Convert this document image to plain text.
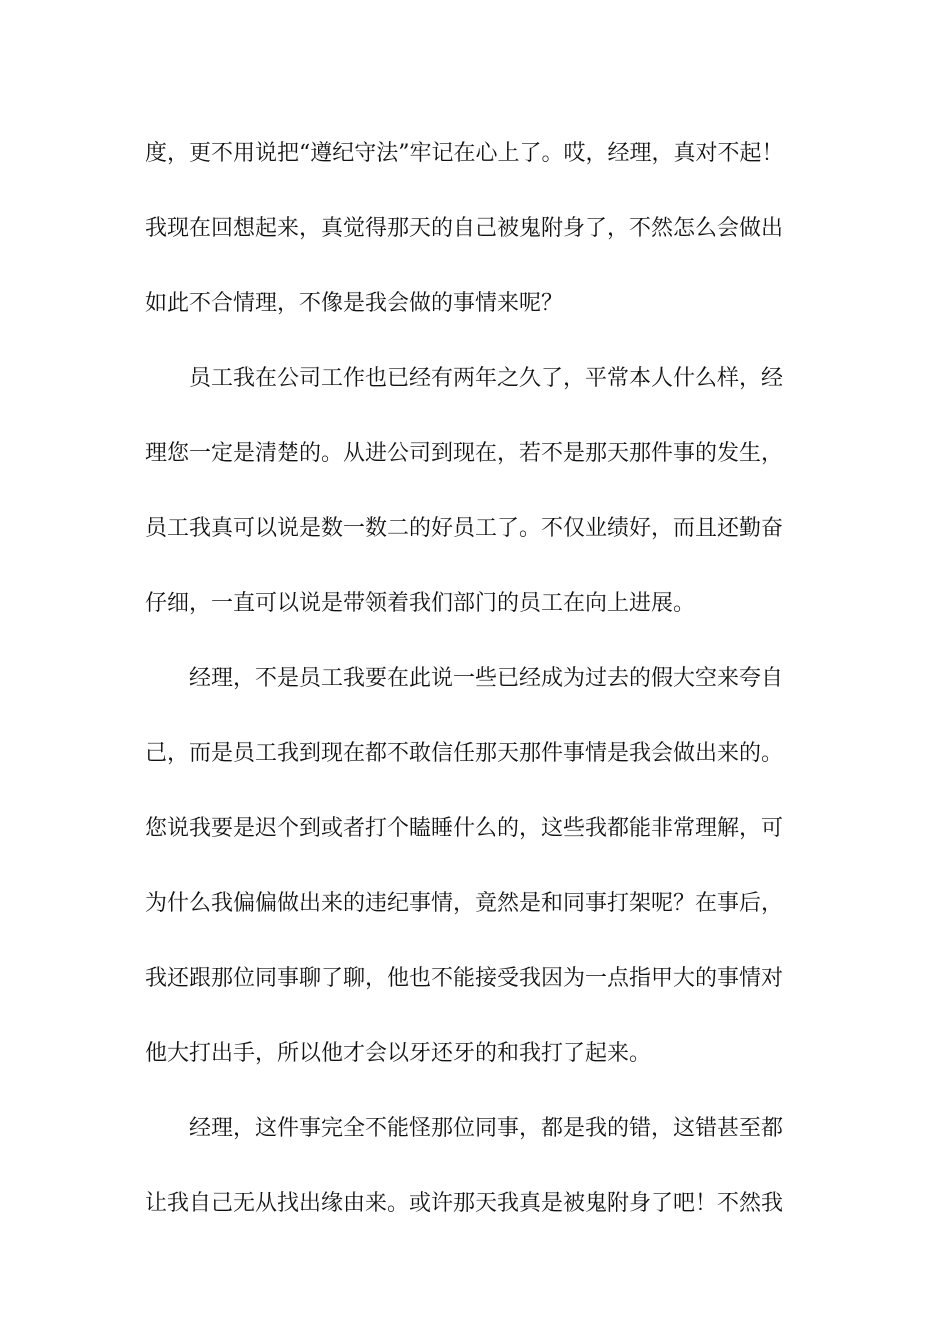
度，更不用说把“遵纪守法”牢记在心上了。哎，经理，真对不起！
我现在回想起来，真觉得那天的自己被鬼附身了，不然怎么会做出
如此不合情理，不像是我会做的事情来呢？
员工我在公司工作也已经有两年之久了，平常本人什么样，经
理您一定是清楚的。从进公司到现在，若不是那天那件事的发生，
员工我真可以说是数一数二的好员工了。不仅业绩好，而且还勤奋
仔细，一直可以说是带领着我们部门的员工在向上进展。
经理，不是员工我要在此说一些已经成为过去的假大空来夸自
己，而是员工我到现在都不敢信任那天那件事情是我会做出来的。
您说我要是迟个到或者打个瞌睡什么的，这些我都能非常理解，可
为什么我偏偏做出来的违纪事情，竟然是和同事打架呢？在事后，
我还跟那位同事聊了聊，他也不能接受我因为一点指甲大的事情对
他大打出手，所以他才会以牙还牙的和我打了起来。
经理，这件事完全不能怪那位同事，都是我的错，这错甚至都
让我自己无从找出缘由来。或许那天我真是被鬼附身了吧！不然我
